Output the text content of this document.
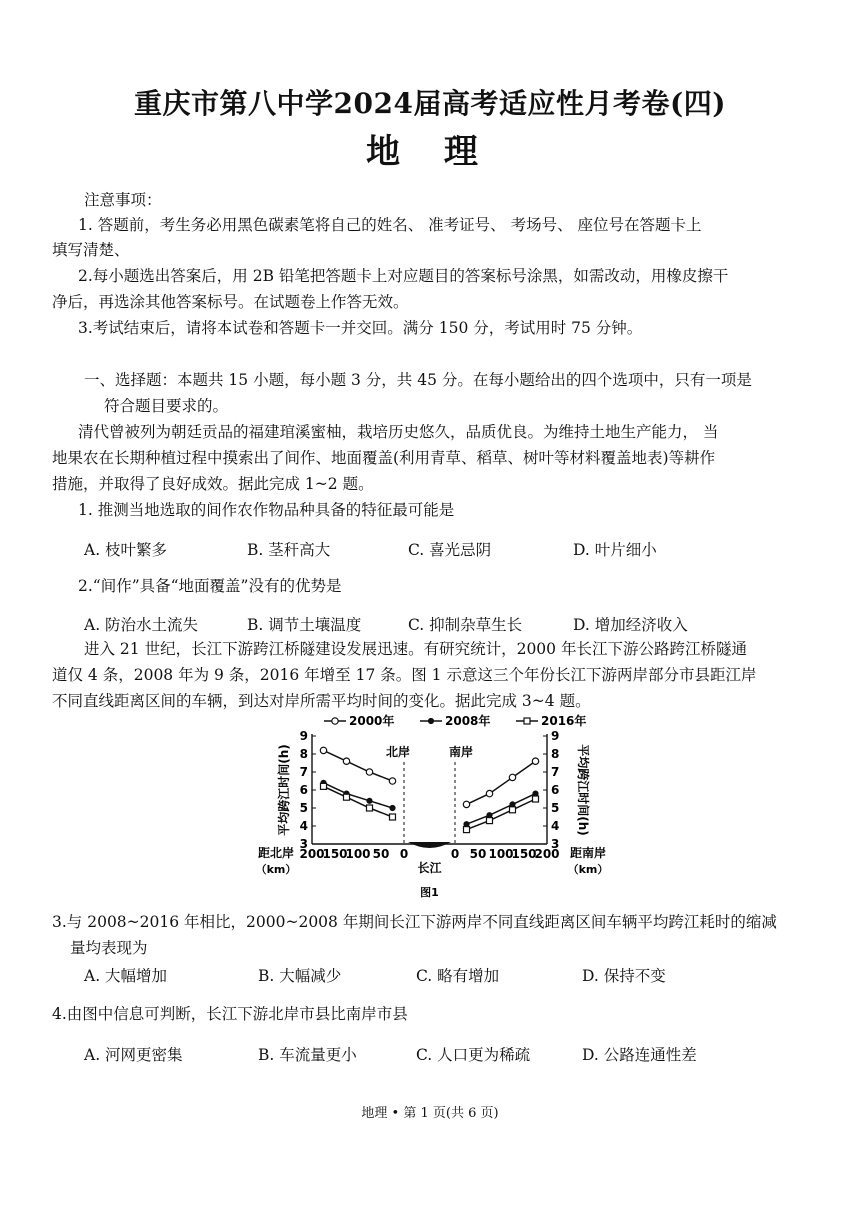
重庆市第八中学2024届高考适应性月考卷(四)
地 理
注意事项：
1. 答题前，考生务必用黑色碳素笔将自己的姓名、 准考证号、 考场号、 座位号在答题卡上
填写清楚、
2.每小题选出答案后，用 2B 铅笔把答题卡上对应题目的答案标号涂黑，如需改动，用橡皮擦干
净后，再选涂其他答案标号。在试题卷上作答无效。
3.考试结束后，请将本试卷和答题卡一并交回。满分 150 分，考试用时 75 分钟。
一、选择题：本题共 15 小题，每小题 3 分，共 45 分。在每小题给出的四个选项中，只有一项是
符合题目要求的。
清代曾被列为朝廷贡品的福建琯溪蜜柚，栽培历史悠久，品质优良。为维持土地生产能力， 当
地果农在长期种植过程中摸索出了间作、地面覆盖(利用青草、稻草、树叶等材料覆盖地表)等耕作
措施，并取得了良好成效。据此完成 1~2 题。
1. 推测当地选取的间作农作物品种具备的特征最可能是
A. 枝叶繁多	B. 茎秆高大	C. 喜光忌阴	D. 叶片细小
2.“间作”具备“地面覆盖”没有的优势是
A. 防治水土流失	B. 调节土壤温度	C. 抑制杂草生长	D. 增加经济收入
进入 21 世纪，长江下游跨江桥隧建设发展迅速。有研究统计，2000 年长江下游公路跨江桥隧通
道仅 4 条，2008 年为 9 条，2016 年增至 17 条。图 1 示意这三个年份长江下游两岸部分市县距江岸
不同直线距离区间的车辆，到达对岸所需平均时间的变化。据此完成 3~4 题。
3	3
4	4
5	5
6	6
7	7
8	8
9	9
平均跨江时间(h)	平均跨江时间(h)
200
150
100 50 0	0 50 100
150
200
距北岸
（km）
距南岸
（km）
北岸	南岸
长江
图1
2000年	2008年	2016年
3.与 2008~2016 年相比，2000~2008 年期间长江下游两岸不同直线距离区间车辆平均跨江耗时的缩减
量均表现为
A. 大幅增加	B. 大幅减少	C. 略有增加	D. 保持不变
4.由图中信息可判断，长江下游北岸市县比南岸市县
A. 河网更密集	B. 车流量更小	C. 人口更为稀疏	D. 公路连通性差
地理 • 第 1 页(共 6 页)
